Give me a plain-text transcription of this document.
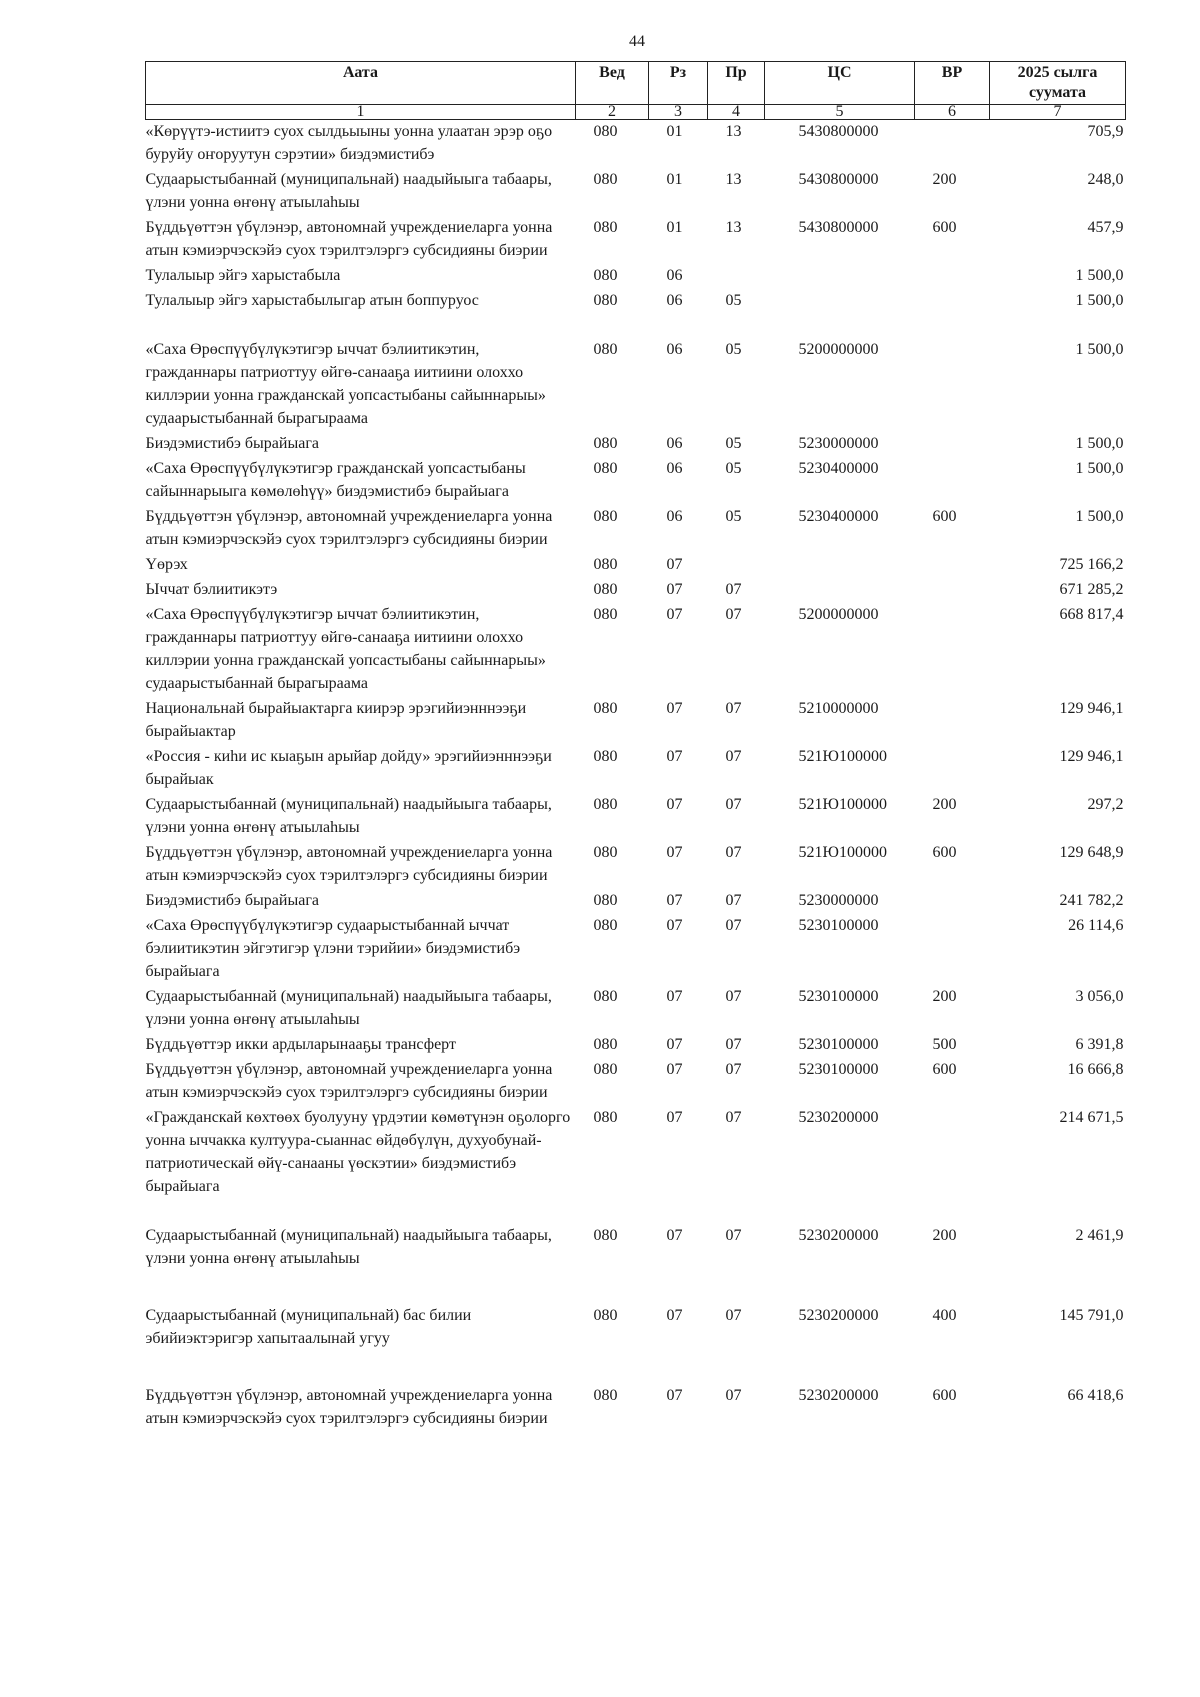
44
Аата	Вед	Рз	Пр	ЦС	ВР	2025 сылга суумата
1	2	3	4	5	6	7
«Көрүүтэ-истиитэ суох сылдьыыны уонна улаатан эрэр оҕо буруйу оҥоруутун сэрэтии» биэдэмистибэ	080	01	13	5430800000		705,9
Судаарыстыбаннай (муниципальнай) наадыйыыга табаары, үлэни уонна өҥөнү атыылаһыы	080	01	13	5430800000	200	248,0
Бүддьүөттэн үбүлэнэр, автономнай учреждениеларга уонна атын кэмиэрчэскэйэ суох тэрилтэлэргэ субсидияны биэрии	080	01	13	5430800000	600	457,9
Тулалыыр эйгэ харыстабыла	080	06				1 500,0
Тулалыыр эйгэ харыстабылыгар атын боппуруос	080	06	05			1 500,0
«Саха Өрөспүүбүлүкэтигэр ыччат бэлиитикэтин, гражданнары патриоттуу өйгө-санааҕа иитиини олоххо киллэрии уонна гражданскай уопсастыбаны сайыннарыы» судаарыстыбаннай бырагыраама	080	06	05	5200000000		1 500,0
Биэдэмистибэ бырайыага	080	06	05	5230000000		1 500,0
«Саха Өрөспүүбүлүкэтигэр гражданскай уопсастыбаны сайыннарыыга көмөлөһүү» биэдэмистибэ бырайыага	080	06	05	5230400000		1 500,0
Бүддьүөттэн үбүлэнэр, автономнай учреждениеларга уонна атын кэмиэрчэскэйэ суох тэрилтэлэргэ субсидияны биэрии	080	06	05	5230400000	600	1 500,0
Үөрэх	080	07				725 166,2
Ыччат бэлиитикэтэ	080	07	07			671 285,2
«Саха Өрөспүүбүлүкэтигэр ыччат бэлиитикэтин, гражданнары патриоттуу өйгө-санааҕа иитиини олоххо киллэрии уонна гражданскай уопсастыбаны сайыннарыы» судаарыстыбаннай бырагыраама	080	07	07	5200000000		668 817,4
Национальнай бырайыактарга киирэр эрэгийиэнннээҕи бырайыактар	080	07	07	5210000000		129 946,1
«Россия - киһи ис кыаҕын арыйар дойду» эрэгийиэнннээҕи бырайыак	080	07	07	521Ю100000		129 946,1
Судаарыстыбаннай (муниципальнай) наадыйыыга табаары, үлэни уонна өҥөнү атыылаһыы	080	07	07	521Ю100000	200	297,2
Бүддьүөттэн үбүлэнэр, автономнай учреждениеларга уонна атын кэмиэрчэскэйэ суох тэрилтэлэргэ субсидияны биэрии	080	07	07	521Ю100000	600	129 648,9
Биэдэмистибэ бырайыага	080	07	07	5230000000		241 782,2
«Саха Өрөспүүбүлүкэтигэр судаарыстыбаннай ыччат бэлиитикэтин эйгэтигэр үлэни тэрийии» биэдэмистибэ бырайыага	080	07	07	5230100000		26 114,6
Судаарыстыбаннай (муниципальнай) наадыйыыга табаары, үлэни уонна өҥөнү атыылаһыы	080	07	07	5230100000	200	3 056,0
Бүддьүөттэр икки ардыларынааҕы трансферт	080	07	07	5230100000	500	6 391,8
Бүддьүөттэн үбүлэнэр, автономнай учреждениеларга уонна атын кэмиэрчэскэйэ суох тэрилтэлэргэ субсидияны биэрии	080	07	07	5230100000	600	16 666,8
«Гражданскай көхтөөх буолууну үрдэтии көмөтүнэн оҕолорго уонна ыччакка култуура-сыаннас өйдөбүлүн, духуобунай-патриотическай өйү-санааны үөскэтии» биэдэмистибэ бырайыага	080	07	07	5230200000		214 671,5
Судаарыстыбаннай (муниципальнай) наадыйыыга табаары, үлэни уонна өҥөнү атыылаһыы	080	07	07	5230200000	200	2 461,9
Судаарыстыбаннай (муниципальнай) бас билии эбийиэктэригэр хапытаалынай угуу	080	07	07	5230200000	400	145 791,0
Бүддьүөттэн үбүлэнэр, автономнай учреждениеларга уонна атын кэмиэрчэскэйэ суох тэрилтэлэргэ субсидияны биэрии	080	07	07	5230200000	600	66 418,6
